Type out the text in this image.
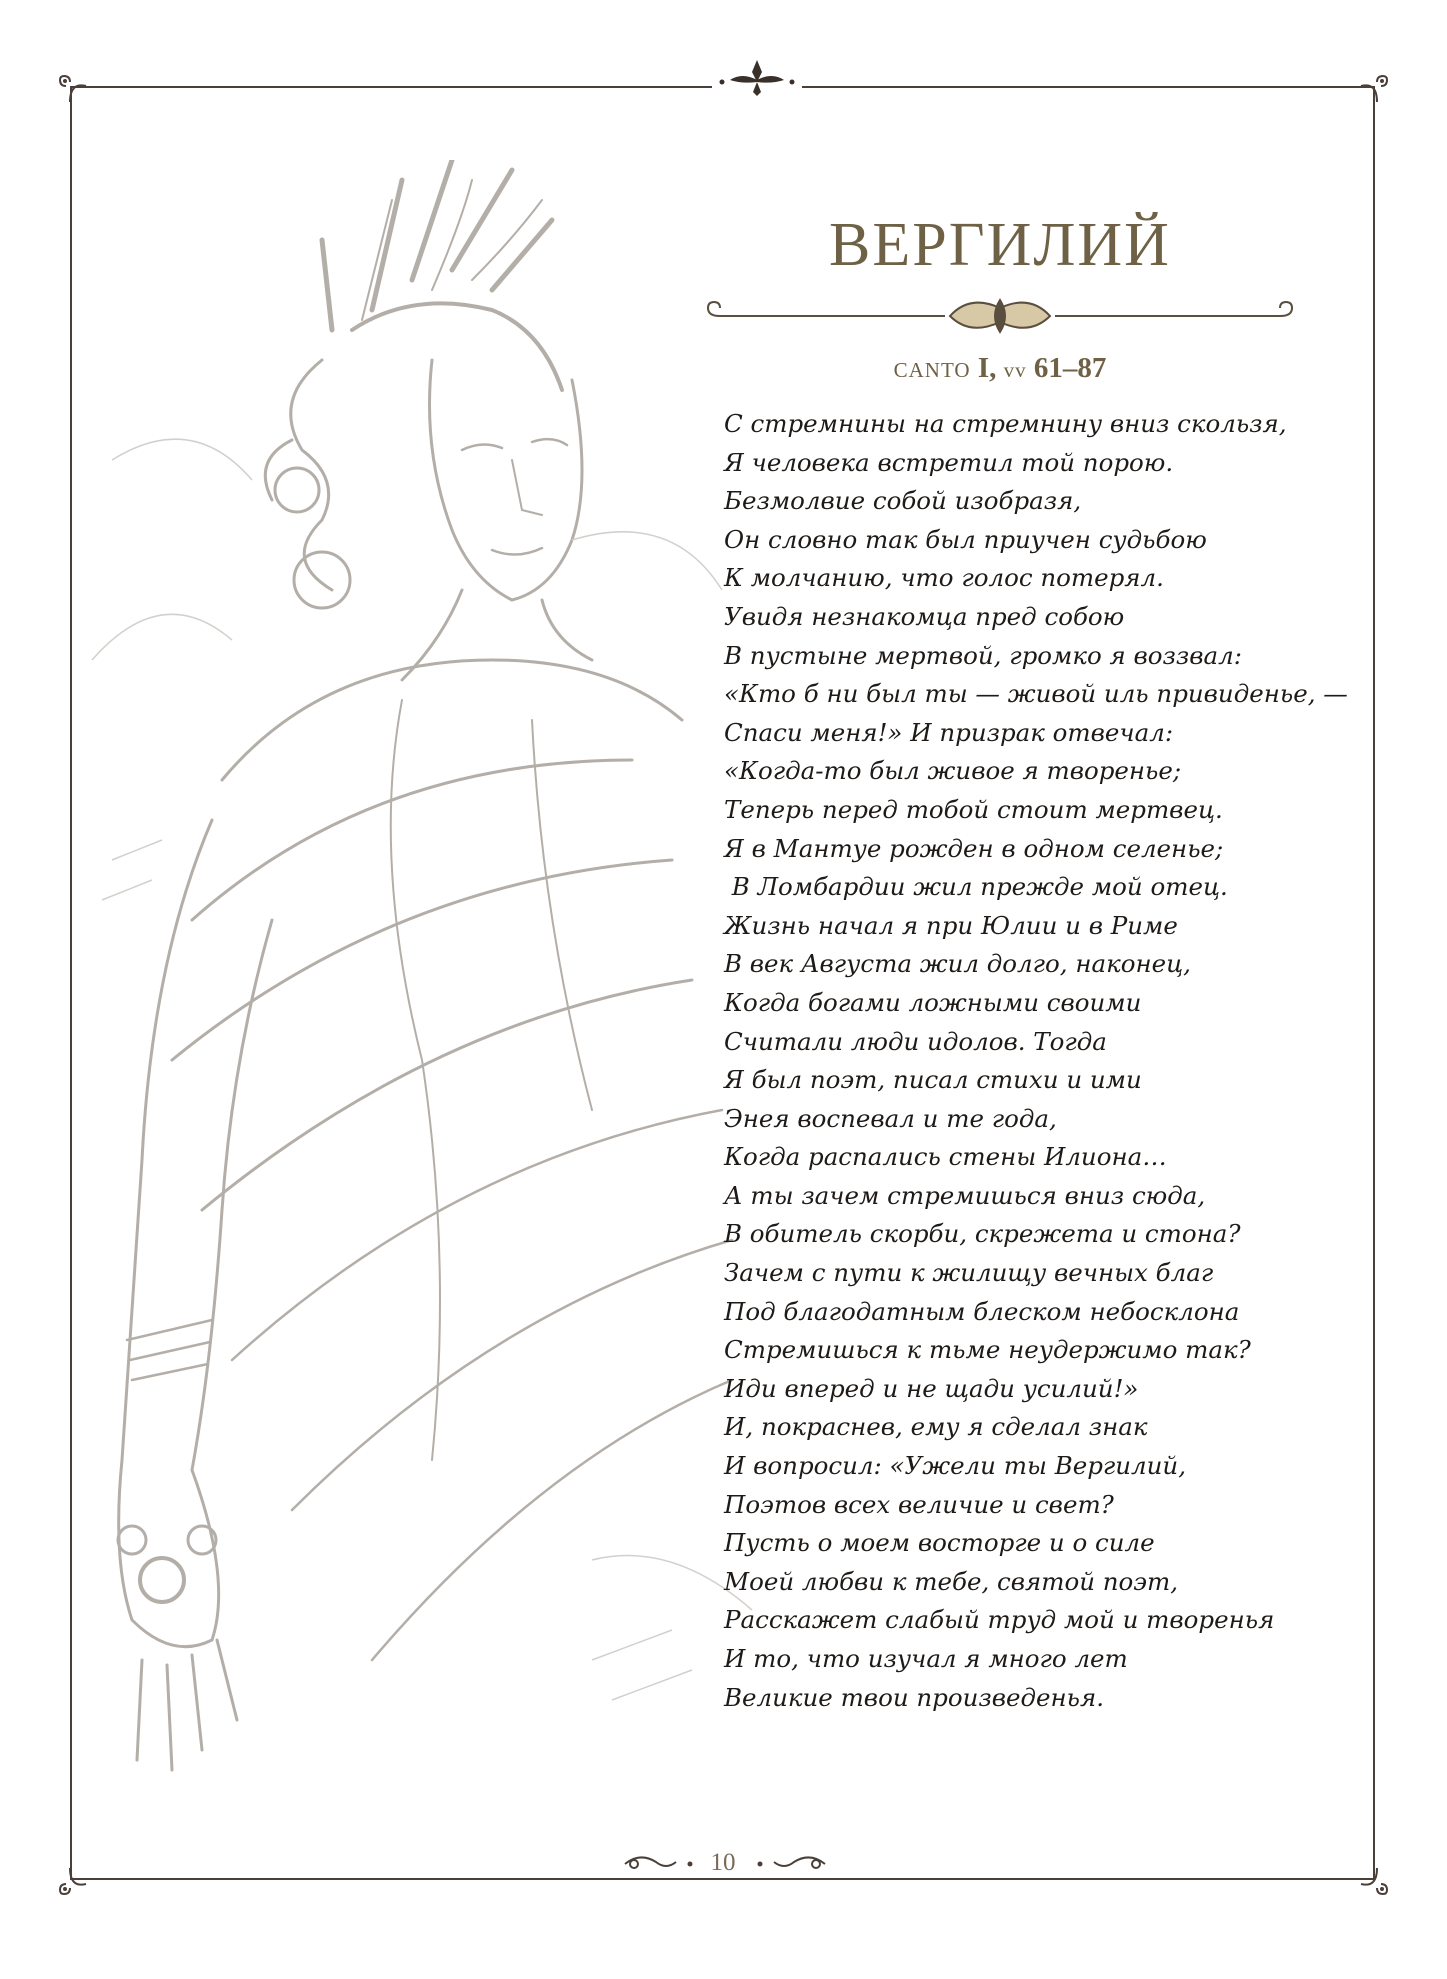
ВЕРГИЛИЙ
CANTO I, vv 61–87
С стремнины на стремнину вниз скользя,
Я человека встретил той порою.
Безмолвие собой изобразя,
Он словно так был приучен судьбою
К молчанию, что голос потерял.
Увидя незнакомца пред собою
В пустыне мертвой, громко я воззвал:
«Кто б ни был ты — живой иль привиденье, —
Спаси меня!» И призрак отвечал:
«Когда-то был живое я творенье;
Теперь перед тобой стоит мертвец.
Я в Мантуе рожден в одном селенье;
В Ломбардии жил прежде мой отец.
Жизнь начал я при Юлии и в Риме
В век Августа жил долго, наконец,
Когда богами ложными своими
Считали люди идолов. Тогда
Я был поэт, писал стихи и ими
Энея воспевал и те года,
Когда распались стены Илиона…
А ты зачем стремишься вниз сюда,
В обитель скорби, скрежета и стона?
Зачем с пути к жилищу вечных благ
Под благодатным блеском небосклона
Стремишься к тьме неудержимо так?
Иди вперед и не щади усилий!»
И, покраснев, ему я сделал знак
И вопросил: «Ужели ты Вергилий,
Поэтов всех величие и свет?
Пусть о моем восторге и о силе
Моей любви к тебе, святой поэт,
Расскажет слабый труд мой и творенья
И то, что изучал я много лет
Великие твои произведенья.
10
